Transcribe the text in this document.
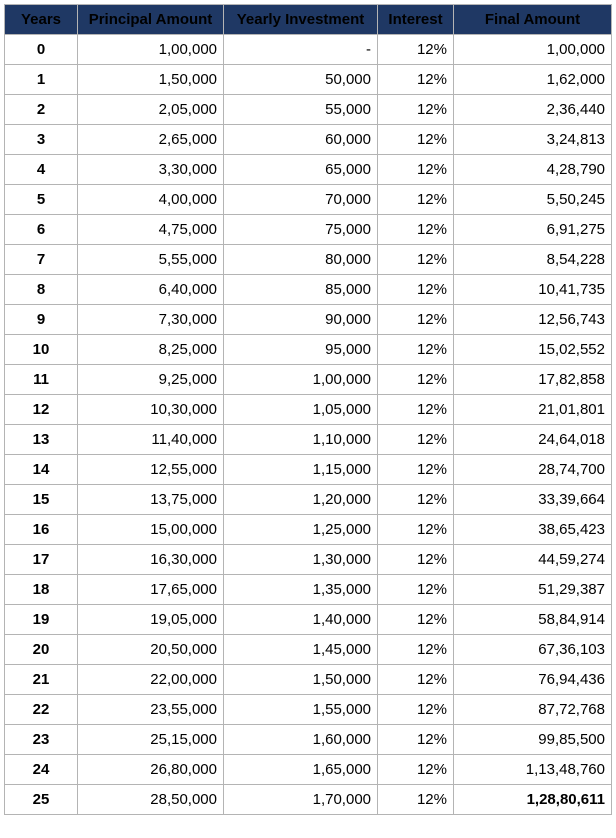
Years	Principal Amount	Yearly Investment	Interest	Final Amount
0	1,00,000	-	12%	1,00,000
1	1,50,000	50,000	12%	1,62,000
2	2,05,000	55,000	12%	2,36,440
3	2,65,000	60,000	12%	3,24,813
4	3,30,000	65,000	12%	4,28,790
5	4,00,000	70,000	12%	5,50,245
6	4,75,000	75,000	12%	6,91,275
7	5,55,000	80,000	12%	8,54,228
8	6,40,000	85,000	12%	10,41,735
9	7,30,000	90,000	12%	12,56,743
10	8,25,000	95,000	12%	15,02,552
11	9,25,000	1,00,000	12%	17,82,858
12	10,30,000	1,05,000	12%	21,01,801
13	11,40,000	1,10,000	12%	24,64,018
14	12,55,000	1,15,000	12%	28,74,700
15	13,75,000	1,20,000	12%	33,39,664
16	15,00,000	1,25,000	12%	38,65,423
17	16,30,000	1,30,000	12%	44,59,274
18	17,65,000	1,35,000	12%	51,29,387
19	19,05,000	1,40,000	12%	58,84,914
20	20,50,000	1,45,000	12%	67,36,103
21	22,00,000	1,50,000	12%	76,94,436
22	23,55,000	1,55,000	12%	87,72,768
23	25,15,000	1,60,000	12%	99,85,500
24	26,80,000	1,65,000	12%	1,13,48,760
25	28,50,000	1,70,000	12%	1,28,80,611
